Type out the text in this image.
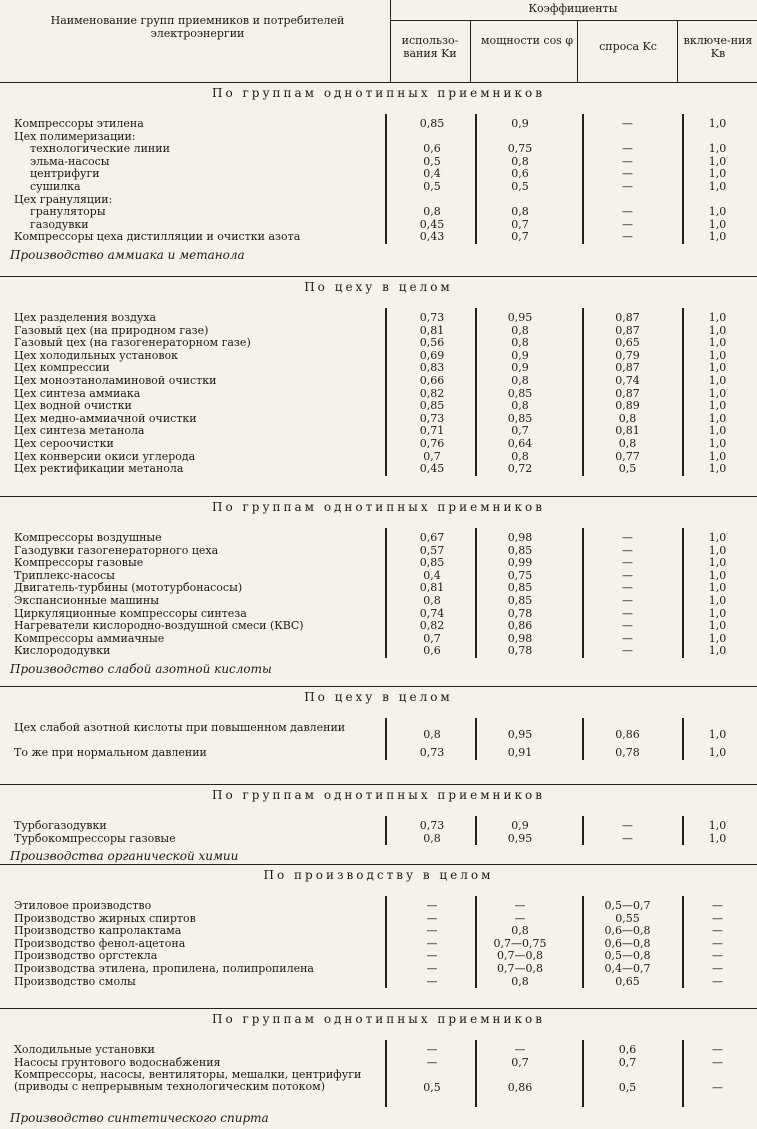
Наименование групп приемников и потребителей электроэнергии
Коэффициенты
использо-вания Kи
мощности cos φ	спроса Kс	включе-ния Kв
По группам однотипных приемников
Компрессоры этилена	0,85	0,9	—	1,0
Цех полимеризации:
технологические линии	0,6	0,75	—	1,0
эльма-насосы	0,5	0,8	—	1,0
центрифуги	0,4	0,6	—	1,0
сушилка	0,5	0,5	—	1,0
Цех грануляции:
грануляторы	0,8	0,8	—	1,0
газодувки	0,45	0,7	—	1,0
Компрессоры цеха дистилляции и очистки азота	0,43	0,7	—	1,0
Производство аммиака и метанола
По цеху в целом
Цех разделения воздуха	0,73	0,95	0,87	1,0
Газовый цех (на природном газе)	0,81	0,8	0,87	1,0
Газовый цех (на газогенераторном газе)	0,56	0,8	0,65	1,0
Цех холодильных установок	0,69	0,9	0,79	1,0
Цех компрессии	0,83	0,9	0,87	1,0
Цех моноэтаноламиновой очистки	0,66	0,8	0,74	1,0
Цех синтеза аммиака	0,82	0,85	0,87	1,0
Цех водной очистки	0,85	0,8	0,89	1,0
Цех медно-аммиачной очистки	0,73	0,85	0,8	1,0
Цех синтеза метанола	0,71	0,7	0,81	1,0
Цех сероочистки	0,76	0,64	0,8	1,0
Цех конверсии окиси углерода	0,7	0,8	0,77	1,0
Цех ректификации метанола	0,45	0,72	0,5	1,0
По группам однотипных приемников
Компрессоры воздушные	0,67	0,98	—	1,0
Газодувки газогенераторного цеха	0,57	0,85	—	1,0
Компрессоры газовые	0,85	0,99	—	1,0
Триплекс-насосы	0,4	0,75	—	1,0
Двигатель-турбины (мототурбонасосы)	0,81	0,85	—	1,0
Экспансионные машины	0,8	0,85	—	1,0
Циркуляционные компрессоры синтеза	0,74	0,78	—	1,0
Нагреватели кислородно-воздушной смеси (КВС)	0,82	0,86	—	1,0
Компрессоры аммиачные	0,7	0,98	—	1,0
Кислорододувки	0,6	0,78	—	1,0
Производство слабой азотной кислоты
По цеху в целом
Цех слабой азотной кислоты при повышенном давлении	0,8	0,95	0,86	1,0
То же при нормальном давлении	0,73	0,91	0,78	1,0
По группам однотипных приемников
Турбогазодувки	0,73	0,9	—	1,0
Турбокомпрессоры газовые	0,8	0,95	—	1,0
Производства органической химии
По производству в целом
Этиловое производство	—	—	0,5—0,7	—
Производство жирных спиртов	—	—	0,55	—
Производство капролактама	—	0,8	0,6—0,8	—
Производство фенол-ацетона	—	0,7—0,75	0,6—0,8	—
Производство оргстекла	—	0,7—0,8	0,5—0,8	—
Производства этилена, пропилена, полипропилена	—	0,7—0,8	0,4—0,7	—
Производство смолы	—	0,8	0,65	—
По группам однотипных приемников
Холодильные установки	—	—	0,6	—
Насосы грунтового водоснабжения	—	0,7	0,7	—
Компрессоры, насосы, вентиляторы, мешалки, центрифуги (приводы с непрерывным технологическим потоком)	0,5	0,86	0,5	—
Производство синтетического спирта
